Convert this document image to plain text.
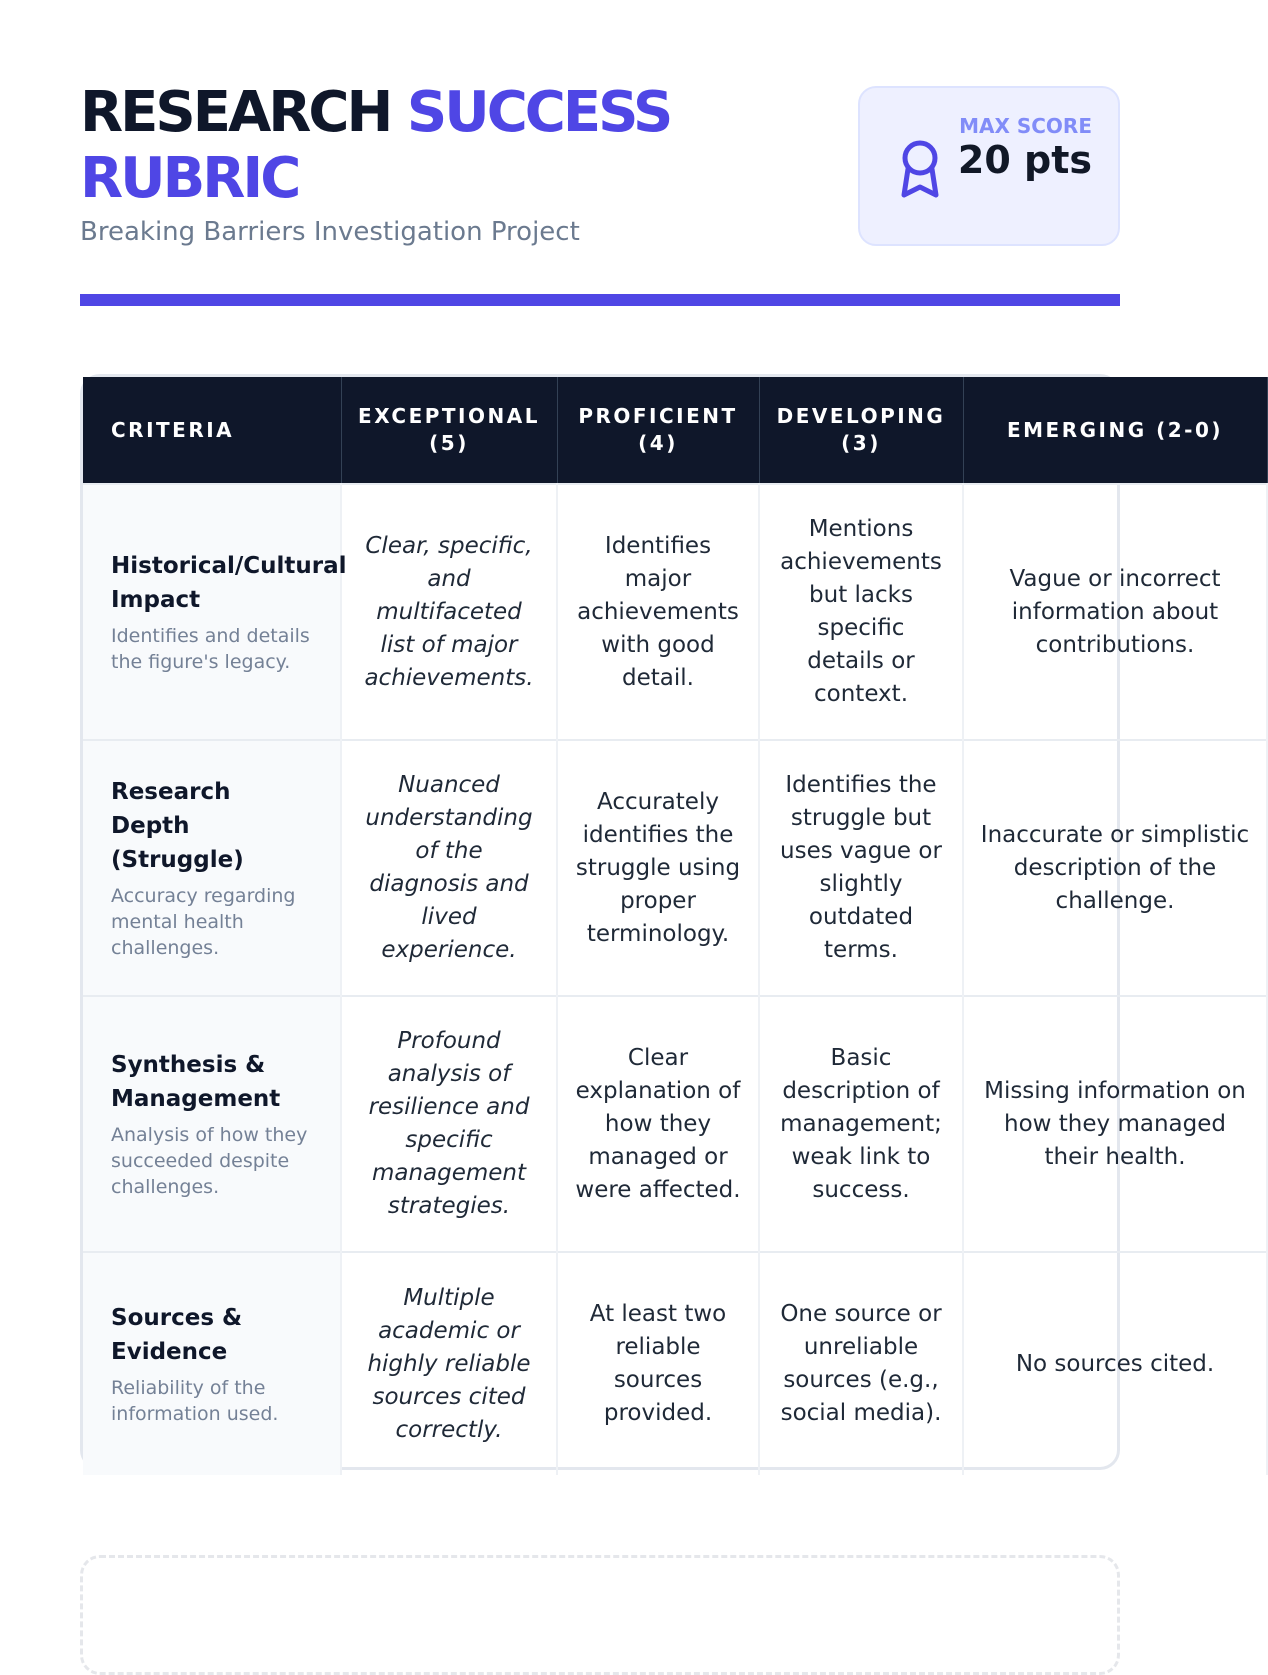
RESEARCH SUCCESS RUBRIC

Breaking Barriers Investigation Project

MAX SCORE
20 pts
CRITERIA	EXCEPTIONAL (5)	PROFICIENT (4)	DEVELOPING (3)	EMERGING (2-0)

Historical/Cultural Impact
Identifies and details the figure's legacy.	Clear, specific, and multifaceted list of major achievements.	Identifies major achievements with good detail.	Mentions achievements but lacks specific details or context.	Vague or incorrect information about contributions.

Research Depth (Struggle)
Accuracy regarding mental health challenges.	Nuanced understanding of the diagnosis and lived experience.	Accurately identifies the struggle using proper terminology.	Identifies the struggle but uses vague or slightly outdated terms.	Inaccurate or simplistic description of the challenge.

Synthesis & Management
Analysis of how they succeeded despite challenges.	Profound analysis of resilience and specific management strategies.	Clear explanation of how they managed or were affected.	Basic description of management; weak link to success.	Missing information on how they managed their health.

Sources & Evidence
Reliability of the information used.	Multiple academic or highly reliable sources cited correctly.	At least two reliable sources provided.	One source or unreliable sources (e.g., social media).	No sources cited.
